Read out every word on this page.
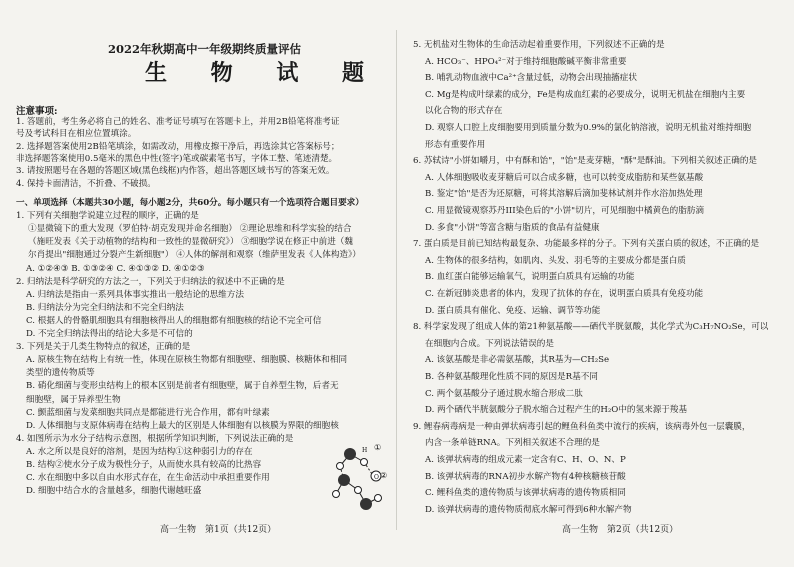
2022年秋期高中一年级期终质量评估
生 物 试 题
注意事项:
1. 答题前，考生务必将自己的姓名、准考证号填写在答题卡上，并用2B铅笔将准考证
号及考试科目在相应位置填涂。
2. 选择题答案使用2B铅笔填涂，如需改动，用橡皮擦干净后，再选涂其它答案标号；
非选择题答案使用0.5毫米的黑色中性(签字)笔或碳素笔书写，字体工整、笔迹清楚。
3. 请按照题号在各题的答题区域(黑色线框)内作答，超出答题区域书写的答案无效。
4. 保持卡面清洁，不折叠、不破损。
一、单项选择（本题共30小题，每小题2分，共60分。每小题只有一个选项符合题目要求）
1. 下列有关细胞学说建立过程的顺序，正确的是
①显微镜下的重大发现（罗伯特·胡克发现并命名细胞） ②理论思维和科学实验的结合
（施旺发表《关于动植物的结构和一致性的显微研究》） ③细胞学说在修正中前进（魏
尔肖提出"细胞通过分裂产生新细胞"） ④人体的解剖和观察（维萨里发表《人体构造》）
A. ①②④③ B. ①③②④ C. ④①③② D. ④①②③
2. 归纳法是科学研究的方法之一，下列关于归纳法的叙述中不正确的是
A. 归纳法是指由一系列具体事实推出一般结论的思维方法
B. 归纳法分为完全归纳法和不完全归纳法
C. 根据人的骨骼肌细胞具有细胞核得出人的细胞都有细胞核的结论不完全可信
D. 不完全归纳法得出的结论大多是不可信的
3. 下列是关于几类生物特点的叙述，正确的是
A. 原核生物在结构上有统一性，体现在原核生物都有细胞壁、细胞膜、核糖体和相同
类型的遗传物质等
B. 硝化细菌与变形虫结构上的根本区别是前者有细胞壁，属于自养型生物，后者无
细胞壁，属于异养型生物
C. 颤蓝细菌与发菜细胞共同点是都能进行光合作用，都有叶绿素
D. 人体细胞与支原体病毒在结构上最大的区别是人体细胞有以核膜为界限的细胞核
4. 如图所示为水分子结构示意图，根据所学知识判断，下列说法正确的是
A. 水之所以是良好的溶剂，是因为结构①这种弱引力的存在
B. 结构②使水分子成为极性分子，从而使水具有较高的比热容
C. 水在细胞中多以自由水形式存在，在生命活动中承担重要作用
D. 细胞中结合水的含量越多，细胞代谢越旺盛
①
②
O
H
高一生物　第1页（共12页）
5. 无机盐对生物体的生命活动起着重要作用，下列叙述不正确的是
A. HCO₃⁻、HPO₄²⁻对于维持细胞酸碱平衡非常重要
B. 哺乳动物血液中Ca²⁺含量过低，动物会出现抽搐症状
C. Mg是构成叶绿素的成分，Fe是构成血红素的必要成分，说明无机盐在细胞内主要
以化合物的形式存在
D. 观察人口腔上皮细胞要用到质量分数为0.9%的氯化钠溶液，说明无机盐对维持细胞
形态有重要作用
6. 苏轼诗"小饼如嚼月，中有酥和饴"，"饴"是麦芽糖，"酥"是酥油。下列相关叙述正确的是
A. 人体细胞吸收麦芽糖后可以合成多糖，也可以转变成脂肪和某些氨基酸
B. 鉴定"饴"是否为还原糖，可将其溶解后滴加斐林试剂并作水浴加热处理
C. 用显微镜观察苏丹III染色后的"小饼"切片，可见细胞中橘黄色的脂肪滴
D. 多食"小饼"等富含糖与脂质的食品有益健康
7. 蛋白质是目前已知结构最复杂、功能最多样的分子。下列有关蛋白质的叙述，不正确的是
A. 生物体的很多结构，如肌肉、头发、羽毛等的主要成分都是蛋白质
B. 血红蛋白能够运输氧气，说明蛋白质具有运输的功能
C. 在新冠肺炎患者的体内，发现了抗体的存在，说明蛋白质具有免疫功能
D. 蛋白质具有催化、免疫、运输、调节等功能
8. 科学家发现了组成人体的第21种氨基酸——硒代半胱氨酸，其化学式为C₃H₇NO₂Se，可以
在细胞内合成。下列说法错误的是
A. 该氨基酸是非必需氨基酸，其R基为—CH₂Se
B. 各种氨基酸理化性质不同的原因是R基不同
C. 两个氨基酸分子通过脱水缩合形成二肽
D. 两个硒代半胱氨酸分子脱水缩合过程产生的H₂O中的氢来源于羧基
9. 鲤春病毒病是一种由弹状病毒引起的鲤鱼科鱼类中流行的疾病，该病毒外包一层囊膜，
内含一条单链RNA。下列相关叙述不合理的是
A. 该弹状病毒的组成元素一定含有C、H、O、N、P
B. 该弹状病毒的RNA初步水解产物有4种核糖核苷酸
C. 鲤科鱼类的遗传物质与该弹状病毒的遗传物质相同
D. 该弹状病毒的遗传物质彻底水解可得到6种水解产物
高一生物　第2页（共12页）
